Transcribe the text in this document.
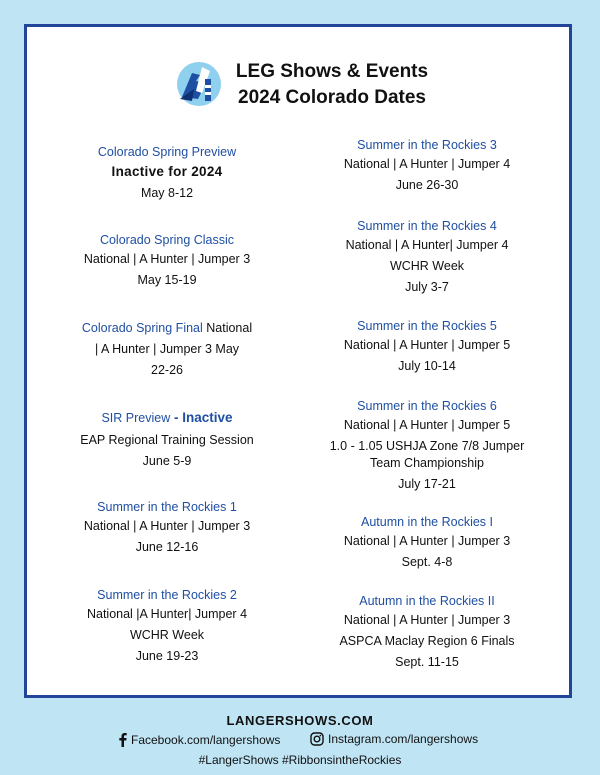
LEG Shows & Events
2024 Colorado Dates
Colorado Spring Preview
Inactive for 2024
May 8-12
Colorado Spring Classic
National | A Hunter | Jumper 3
May 15-19
Colorado Spring Final National
| A Hunter | Jumper 3 May
22-26
SIR Preview - Inactive
EAP Regional Training Session
June 5-9
Summer in the Rockies 1
National | A Hunter | Jumper 3
June 12-16
Summer in the Rockies 2
National |A Hunter| Jumper 4
WCHR Week
June 19-23
Summer in the Rockies 3
National | A Hunter | Jumper 4
June 26-30
Summer in the Rockies 4
National | A Hunter| Jumper 4
WCHR Week
July 3-7
Summer in the Rockies 5
National | A Hunter | Jumper 5
July 10-14
Summer in the Rockies 6
National | A Hunter | Jumper 5
1.0 - 1.05 USHJA Zone 7/8 Jumper
Team Championship
July 17-21
Autumn in the Rockies I
National | A Hunter | Jumper 3
Sept. 4-8
Autumn in the Rockies II
National | A Hunter | Jumper 3
ASPCA Maclay Region 6 Finals
Sept. 11-15
LANGERSHOWS.COM
Facebook.com/langershows	Instagram.com/langershows
#LangerShows #RibbonsintheRockies
